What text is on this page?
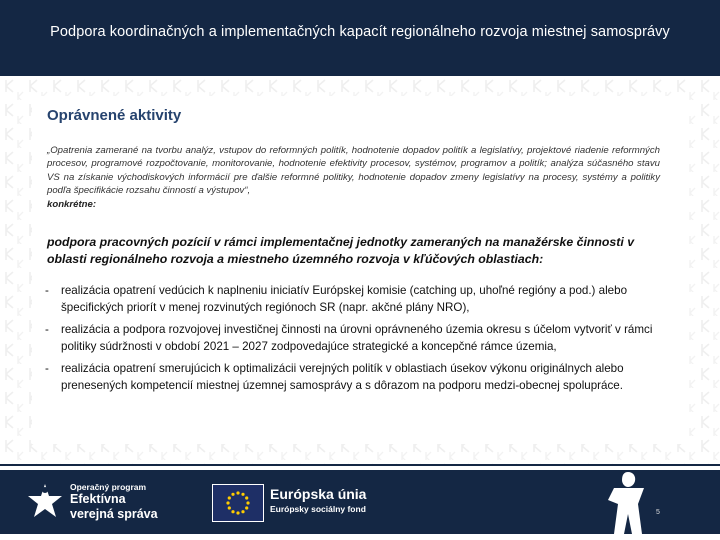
Podpora koordinačných a implementačných kapacít regionálneho rozvoja miestnej samosprávy
Oprávnené aktivity
„Opatrenia zamerané na tvorbu analýz, vstupov do reformných politík, hodnotenie dopadov politík a legislatívy, projektové riadenie reformných procesov, programové rozpočtovanie, monitorovanie, hodnotenie efektivity procesov, systémov, programov a politík; analýza súčasného stavu VS na získanie východiskových informácií pre ďalšie reformné politiky, hodnotenie dopadov zmeny legislatívy na procesy, systémy a politiky podľa špecifikácie rozsahu činností a výstupov“,
konkrétne:
podpora pracovných pozícií v rámci implementačnej jednotky zameraných na manažérske činnosti v oblasti regionálneho rozvoja a miestneho územného rozvoja v kľúčových oblastiach:
- realizácia opatrení vedúcich k naplneniu iniciatív Európskej komisie (catching up, uhoľné regióny a pod.) alebo špecifických priorít v menej rozvinutých regiónoch SR (napr. akčné plány NRO),
- realizácia a podpora rozvojovej investičnej činnosti na úrovni oprávneného územia okresu s účelom vytvoriť v rámci politiky súdržnosti v období 2021 – 2027 zodpovedajúce strategické a koncepčné rámce územia,
- realizácia opatrení smerujúcich k optimalizácii verejných politík v oblastiach úsekov výkonu originálnych alebo prenesených kompetencií miestnej územnej samosprávy a s dôrazom na podporu medzi-obecnej spolupráce.
Operačný program
Efektívna
verejná správa
Európska únia
Európsky sociálny fond	5
